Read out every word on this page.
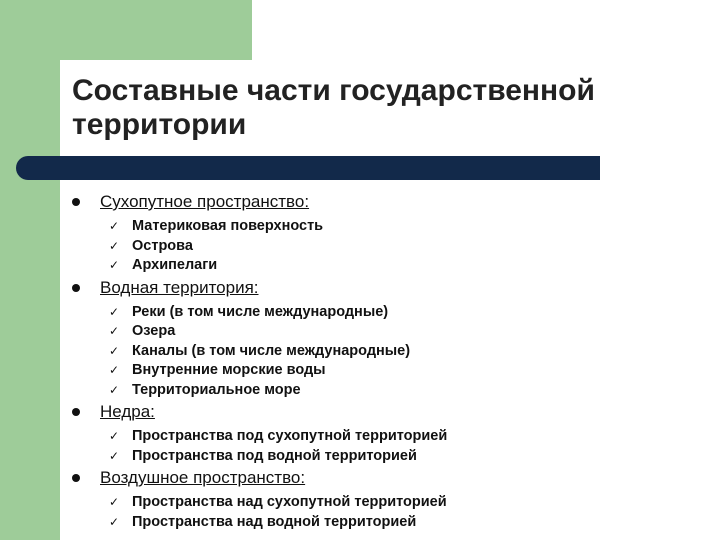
Составные части государственной территории
Сухопутное пространство:
✓ Материковая поверхность
✓ Острова
✓ Архипелаги
Водная территория:
✓ Реки (в том числе международные)
✓ Озера
✓ Каналы (в том числе международные)
✓ Внутренние морские воды
✓ Территориальное море
Недра:
✓ Пространства под сухопутной территорией
✓ Пространства под водной территорией
Воздушное пространство:
✓ Пространства над сухопутной территорией
✓ Пространства над водной территорией
